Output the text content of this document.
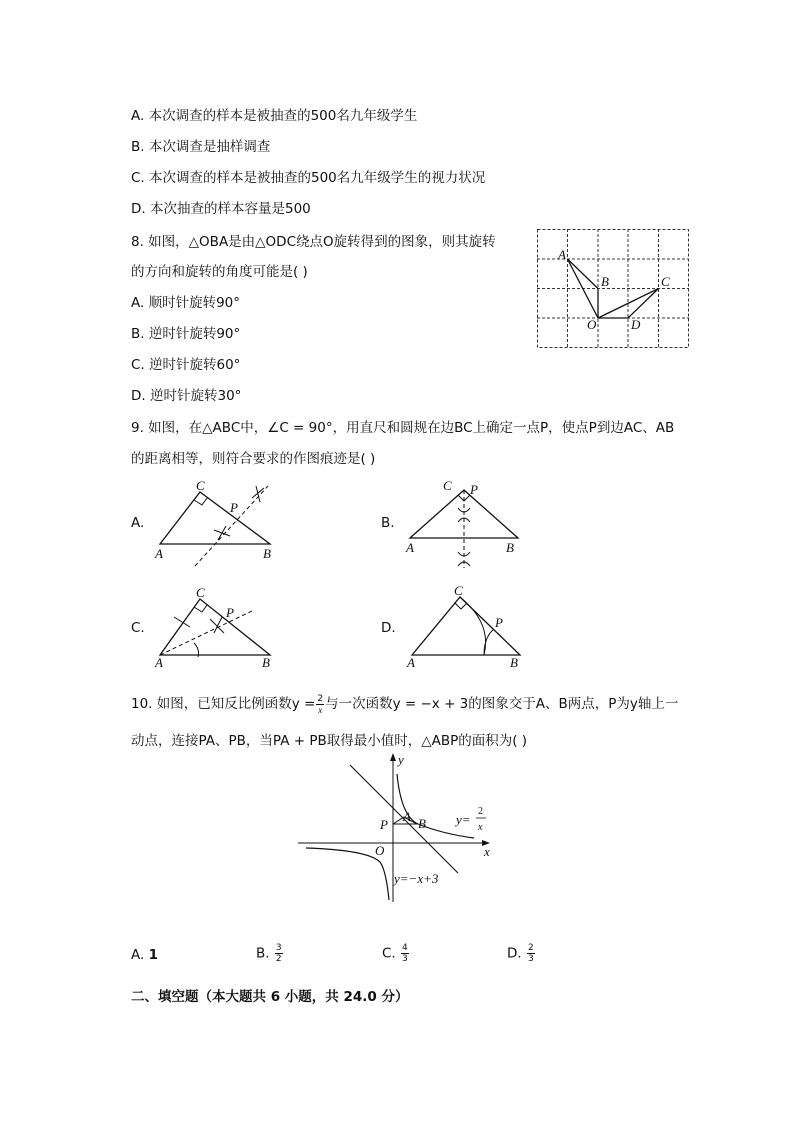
A. 本次调查的样本是被抽查的500名九年级学生
B. 本次调查是抽样调查
C. 本次调查的样本是被抽查的500名九年级学生的视力状况
D. 本次抽查的样本容量是500
8. 如图，△OBA是由△ODC绕点O旋转得到的图象，则其旋转
的方向和旋转的角度可能是( )
A. 顺时针旋转90°
B. 逆时针旋转90°
C. 逆时针旋转60°
D. 逆时针旋转30°
A
B	C
O	D
9. 如图，在△ABC中，∠C = 90°，用直尺和圆规在边BC上确定一点P，使点P到边AC、AB
的距离相等，则符合要求的作图痕迹是( )
A.	B.
C.	D.
C
P
A	B
C P
A	B
C
P
A	B
C
P
A	B
10. 如图，已知反比例函数$y = \frac{2}{x}$ 与一次函数y = −x + 3的图象交于A、B两点，P为y轴上一
动点，连接PA、PB，当PA + PB取得最小值时，△ABP的面积为( )
y
x
O
A B
P	y=
2
x
y=−x+3
A. 1	B. $\frac{3}{2}$	C. $\frac{4}{3}$	D. $\frac{2}{3}$
二、填空题（本大题共 6 小题，共 24.0 分）
